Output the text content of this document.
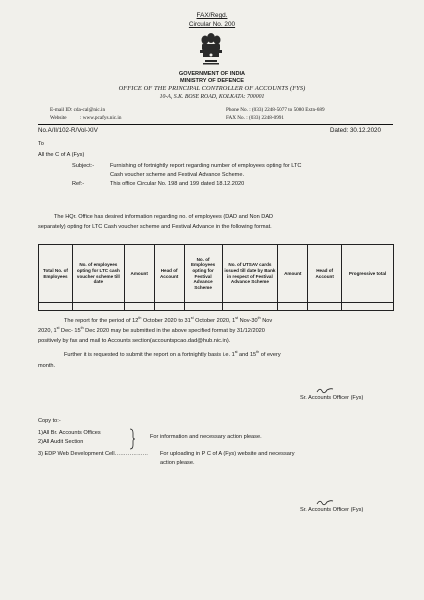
FAX/Regd.
Circular No. 200
GOVERNMENT OF INDIA
MINISTRY OF DEFENCE
OFFICE OF THE PRINCIPAL CONTROLLER OF ACCOUNTS (FYS)
10-A, S.K. BOSE ROAD, KOLKATA: 700001
E-mail ID: cda-cal@nic.in
Website	: www.pcafys.nic.in
Phone No. : (033) 2248-5077 to 5080 Extn-689
FAX No. : (033) 2248-0991
No.A/II/102-R/Vol-XIV	Dated: 30.12.2020
To
All the C of A (Fys)
Subject:-	Furnishing of fortnightly report regarding number of employees opting for LTC
Cash voucher scheme and Festival Advance Scheme.
Ref:-	This office Circular No. 198 and 199 dated 18.12.2020
The HQr. Office has desired information regarding no. of employees (DAD and Non DAD
separately) opting for LTC Cash voucher scheme and Festival Advance in the following format.
Total No. of Employees	No. of employees opting for LTC cash voucher scheme till date	Amount	Head of Account	No. of Employees opting for Festival Advance Scheme	No. of UTSAV cards issued till date by Bank in respect of Festival Advance Scheme	Amount	Head of Account	Progressive total

The report for the period of 12th October 2020 to 31st October 2020, 1st Nov-30th Nov
2020, 1st Dec- 15th Dec 2020 may be submitted in the above specified format by 31/12/2020
positively by fax and mail to Accounts section(accountspcao.dad@hub.nic.in).
Further it is requested to submit the report on a fortnightly basis i.e. 1st and 15th of every
month.
Sr. Accounts Officer (Fys)
Copy to:-
1)All Br. Accounts Offices
2)All Audit Section
For information and necessary action please.
3) EDP Web Development Cell……………… For uploading in P C of A (Fys) website and necessary
action please.
Sr. Accounts Officer (Fys)
